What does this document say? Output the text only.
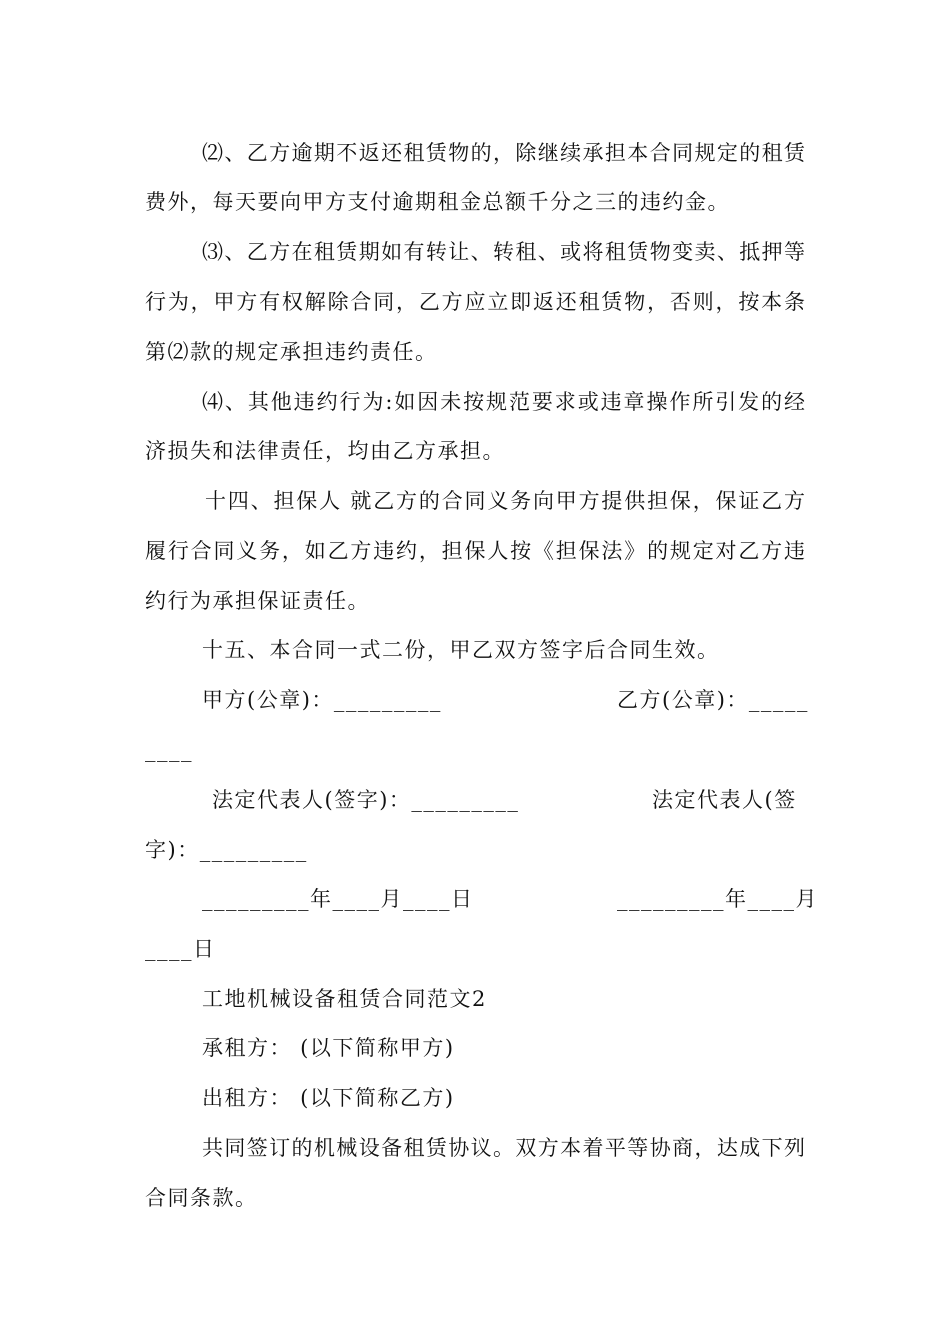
⑵、乙方逾期不返还租赁物的，除继续承担本合同规定的租赁
费外，每天要向甲方支付逾期租金总额千分之三的违约金。
⑶、乙方在租赁期如有转让、转租、或将租赁物变卖、抵押等
行为，甲方有权解除合同，乙方应立即返还租赁物，否则，按本条
第⑵款的规定承担违约责任。
⑷、其他违约行为:如因未按规范要求或违章操作所引发的经
济损失和法律责任，均由乙方承担。
十四、担保人 就乙方的合同义务向甲方提供担保，保证乙方
履行合同义务，如乙方违约，担保人按《担保法》的规定对乙方违
约行为承担保证责任。
十五、本合同一式二份，甲乙双方签字后合同生效。
甲方(公章)：_________	乙方(公章)：_____
____
法定代表人(签字)：_________	法定代表人(签
字)：_________
_________年____月____日	_________年____月
____日
工地机械设备租赁合同范文2
承租方： (以下简称甲方)
出租方： (以下简称乙方)
共同签订的机械设备租赁协议。双方本着平等协商，达成下列
合同条款。
